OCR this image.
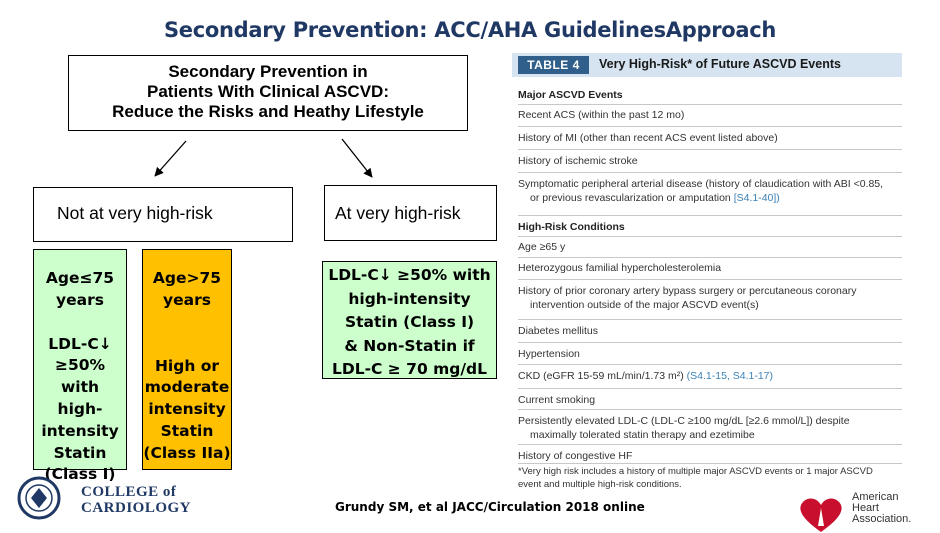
Secondary Prevention: ACC/AHA GuidelinesApproach
Secondary Prevention in
Patients With Clinical ASCVD:
Reduce the Risks and Heathy Lifestyle
Not at very high-risk	At very high-risk
Age≤75
years
LDL-C↓
≥50% with
high-
intensity
Statin
(Class I)
Age>75
years
High or
moderate
intensity
Statin
(Class IIa)
LDL-C↓ ≥50% with
high-intensity
Statin (Class I)
& Non-Statin if
LDL-C ≥ 70 mg/dL
TABLE 4	Very High-Risk* of Future ASCVD Events
Major ASCVD Events
Recent ACS (within the past 12 mo)
History of MI (other than recent ACS event listed above)
History of ischemic stroke
Symptomatic peripheral arterial disease (history of claudication with ABI <0.85,
or previous revascularization or amputation [S4.1-40])
High-Risk Conditions
Age ≥65 y
Heterozygous familial hypercholesterolemia
History of prior coronary artery bypass surgery or percutaneous coronary
intervention outside of the major ASCVD event(s)
Diabetes mellitus
Hypertension
CKD (eGFR 15-59 mL/min/1.73 m²) (S4.1-15, S4.1-17)
Current smoking
Persistently elevated LDL-C (LDL-C ≥100 mg/dL [≥2.6 mmol/L]) despite
maximally tolerated statin therapy and ezetimibe
History of congestive HF
*Very high risk includes a history of multiple major ASCVD events or 1 major ASCVD
event and multiple high-risk conditions.
Grundy SM, et al JACC/Circulation 2018 online
COLLEGE of
CARDIOLOGY
American
Heart
Association.
